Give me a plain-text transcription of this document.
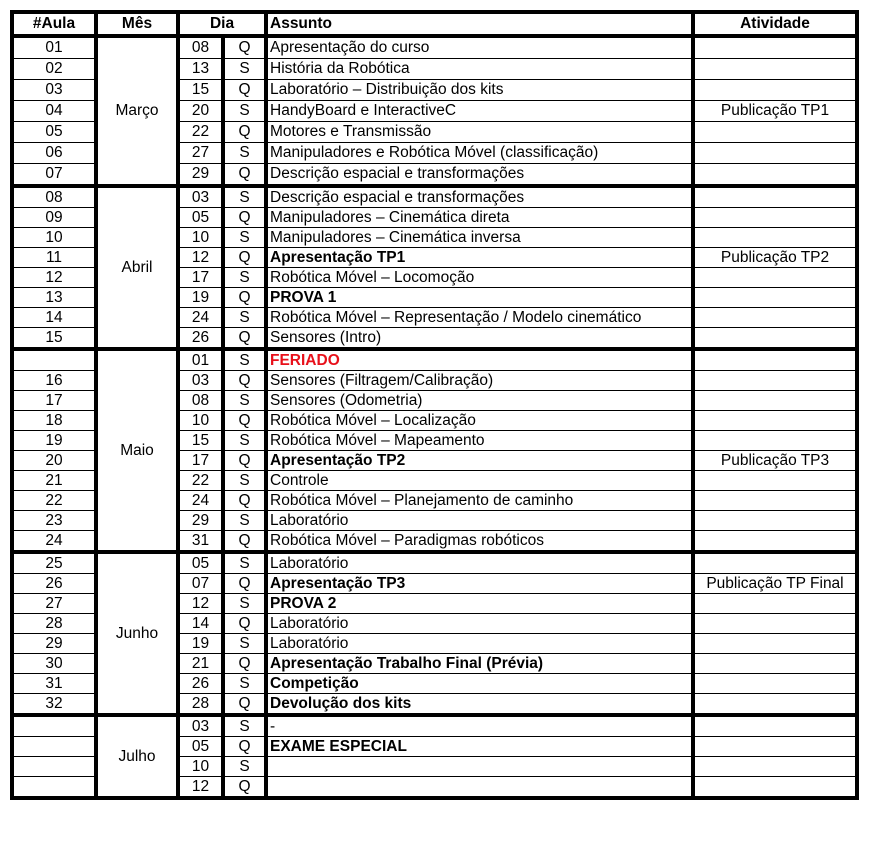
#Aula	Mês	Dia		Assunto	Atividade
01	Março	08	Q	Apresentação do curso	
02		13	S	História da Robótica	
03		15	Q	Laboratório – Distribuição dos kits	
04		20	S	HandyBoard e InteractiveC	Publicação TP1
05		22	Q	Motores e Transmissão	
06		27	S	Manipuladores e Robótica Móvel (classificação)	
07		29	Q	Descrição espacial e transformações	
08	Abril	03	S	Descrição espacial e transformações	
09		05	Q	Manipuladores – Cinemática direta	
10		10	S	Manipuladores – Cinemática inversa	
11		12	Q	Apresentação TP1	Publicação TP2
12		17	S	Robótica Móvel – Locomoção	
13		19	Q	PROVA 1	
14		24	S	Robótica Móvel – Representação / Modelo cinemático	
15		26	Q	Sensores (Intro)	
	Maio	01	S	FERIADO	
16		03	Q	Sensores (Filtragem/Calibração)	
17		08	S	Sensores (Odometria)	
18		10	Q	Robótica Móvel – Localização	
19		15	S	Robótica Móvel – Mapeamento	
20		17	Q	Apresentação TP2	Publicação TP3
21		22	S	Controle	
22		24	Q	Robótica Móvel – Planejamento de caminho	
23		29	S	Laboratório	
24		31	Q	Robótica Móvel – Paradigmas robóticos	
25	Junho	05	S	Laboratório	
26		07	Q	Apresentação TP3	Publicação TP Final
27		12	S	PROVA 2	
28		14	Q	Laboratório	
29		19	S	Laboratório	
30		21	Q	Apresentação Trabalho Final (Prévia)	
31		26	S	Competição	
32		28	Q	Devolução dos kits	
	Julho	03	S	-	
		05	Q	EXAME ESPECIAL	
		10	S		
		12	Q		
